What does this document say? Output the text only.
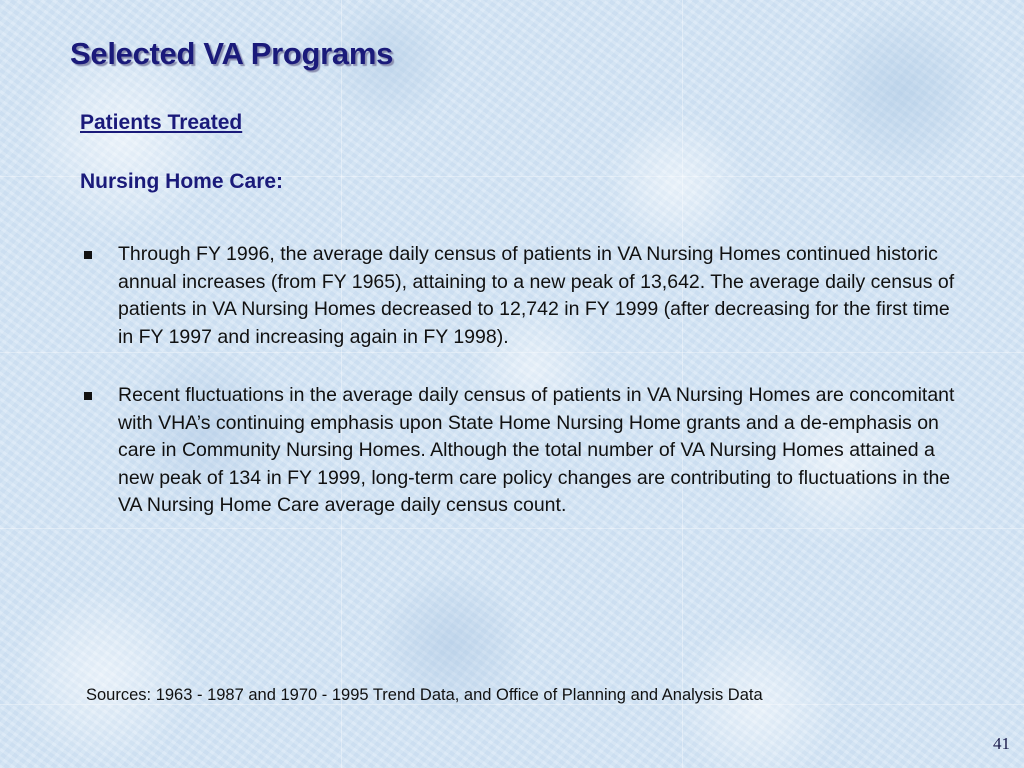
Selected VA Programs
Patients Treated
Nursing Home Care:
Through FY 1996, the average daily census of patients in VA Nursing Homes continued historic annual increases (from FY 1965), attaining to a new peak of 13,642. The average daily census of patients in VA Nursing Homes decreased to 12,742 in FY 1999 (after decreasing for the first time in FY 1997 and increasing again in FY 1998).
Recent fluctuations in the average daily census of patients in VA Nursing Homes are concomitant with VHA’s continuing emphasis upon State Home Nursing Home grants and a de-emphasis on care in Community Nursing Homes. Although the total number of VA Nursing Homes attained a new peak of 134 in FY 1999, long-term care policy changes are contributing to fluctuations in the VA Nursing Home Care average daily census count.

Sources: 1963 - 1987 and 1970 - 1995 Trend Data, and Office of Planning and Analysis Data

41
